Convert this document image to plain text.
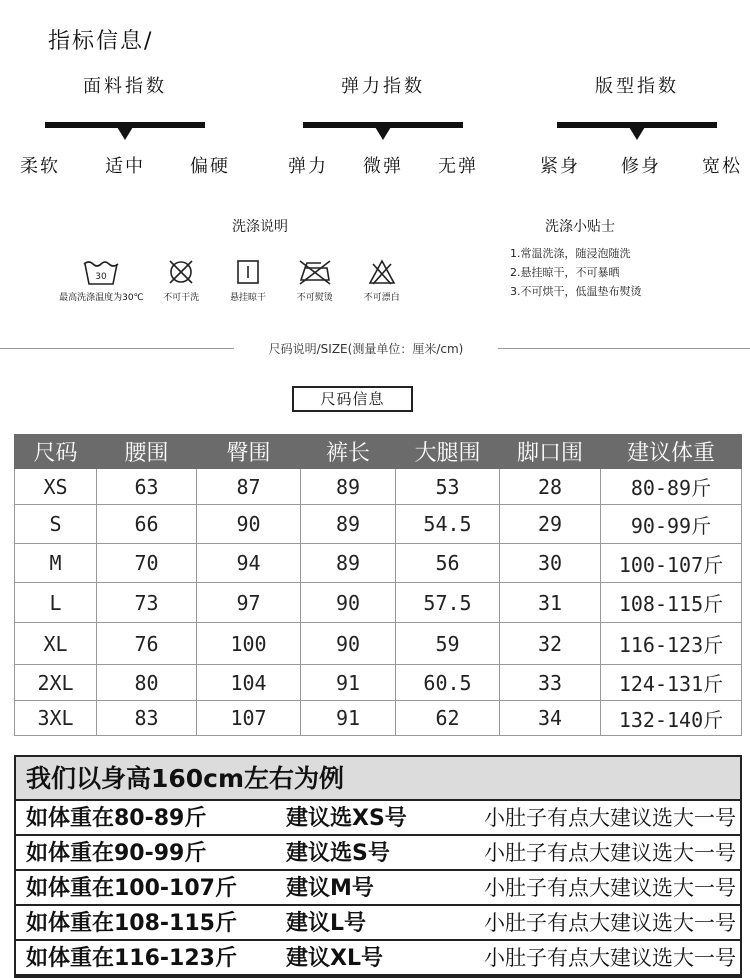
指标信息/
面料指数
柔软	适中	偏硬
弹力指数
弹力 微弹 无弹
版型指数
紧身 修身 宽松
洗涤说明
30
最高洗涤温度为30℃	不可干洗	悬挂晾干	不可熨烫	不可漂白
洗涤小贴士
1.常温洗涤，随浸泡随洗
2.悬挂晾干，不可暴晒
3.不可烘干，低温垫布熨烫
尺码说明/SIZE(测量单位：厘米/cm)
尺码信息
尺码	腰围	臀围	裤长	大腿围	脚口围	建议体重
XS	63	87	89	53	28	80-89斤
S	66	90	89	54.5	29	90-99斤
M	70	94	89	56	30	100-107斤
L	73	97	90	57.5	31	108-115斤
XL	76	100	90	59	32	116-123斤
2XL	80	104	91	60.5	33	124-131斤
3XL	83	107	91	62	34	132-140斤
我们以身高160cm左右为例
如体重在80-89斤	建议选XS号	小肚子有点大建议选大一号
如体重在90-99斤	建议选S号	小肚子有点大建议选大一号
如体重在100-107斤	建议M号	小肚子有点大建议选大一号
如体重在108-115斤	建议L号	小肚子有点大建议选大一号
如体重在116-123斤	建议XL号	小肚子有点大建议选大一号
